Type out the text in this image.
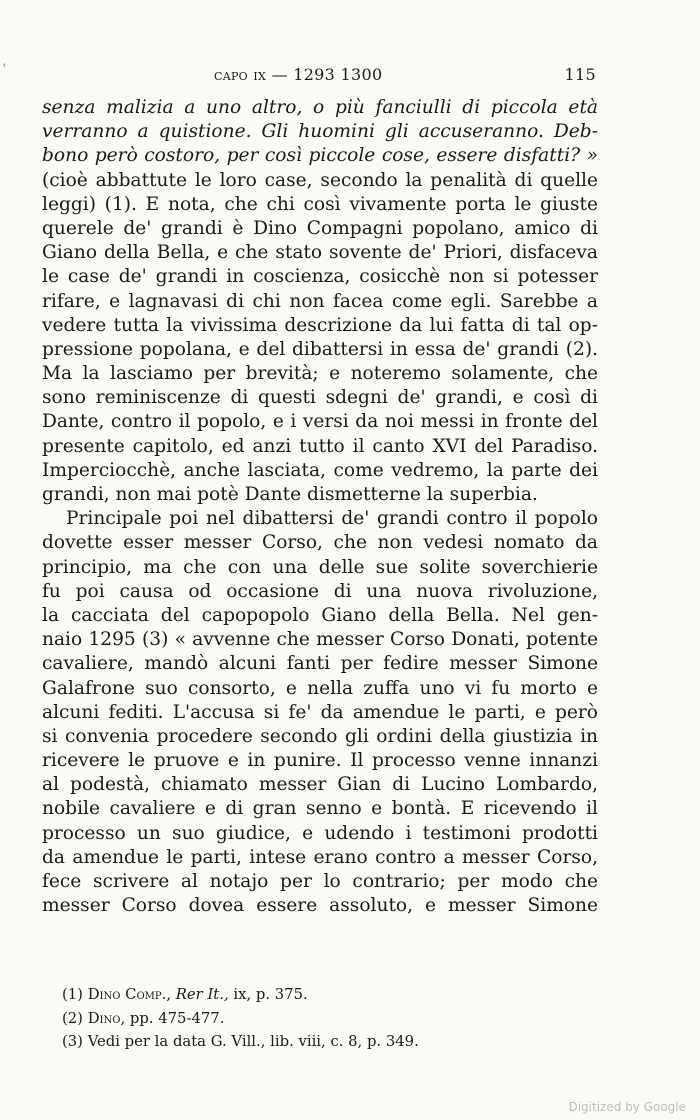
ʿ	capo ix — 1293 1300	115
senza malizia a uno altro, o più fanciulli di piccola età
verranno a quistione. Gli huomini gli accuseranno. Deb-
bono però costoro, per così piccole cose, essere disfatti? »
(cioè abbattute le loro case, secondo la penalità di quelle
leggi) (1). E nota, che chi così vivamente porta le giuste
querele de' grandi è Dino Compagni popolano, amico di
Giano della Bella, e che stato sovente de' Priori, disfaceva
le case de' grandi in coscienza, cosicchè non si potesser
rifare, e lagnavasi di chi non facea come egli. Sarebbe a
vedere tutta la vivissima descrizione da lui fatta di tal op-
pressione popolana, e del dibattersi in essa de' grandi (2).
Ma la lasciamo per brevità; e noteremo solamente, che
sono reminiscenze di questi sdegni de' grandi, e così di
Dante, contro il popolo, e i versi da noi messi in fronte del
presente capitolo, ed anzi tutto il canto XVI del Paradiso.
Imperciocchè, anche lasciata, come vedremo, la parte dei
grandi, non mai potè Dante dismetterne la superbia.
Principale poi nel dibattersi de' grandi contro il popolo
dovette esser messer Corso, che non vedesi nomato da
principio, ma che con una delle sue solite soverchierie
fu poi causa od occasione di una nuova rivoluzione,
la cacciata del capopopolo Giano della Bella. Nel gen-
naio 1295 (3) « avvenne che messer Corso Donati, potente
cavaliere, mandò alcuni fanti per fedire messer Simone
Galafrone suo consorto, e nella zuffa uno vi fu morto e
alcuni fediti. L'accusa si fe' da amendue le parti, e però
si convenia procedere secondo gli ordini della giustizia in
ricevere le pruove e in punire. Il processo venne innanzi
al podestà, chiamato messer Gian di Lucino Lombardo,
nobile cavaliere e di gran senno e bontà. E ricevendo il
processo un suo giudice, e udendo i testimoni prodotti
da amendue le parti, intese erano contro a messer Corso,
fece scrivere al notajo per lo contrario; per modo che
messer Corso dovea essere assoluto, e messer Simone
(1) Dino Comp., Rer It., ix, p. 375.
(2) Dino, pp. 475-477.
(3) Vedi per la data G. Vill., lib. viii, c. 8, p. 349.
Digitized by Google
